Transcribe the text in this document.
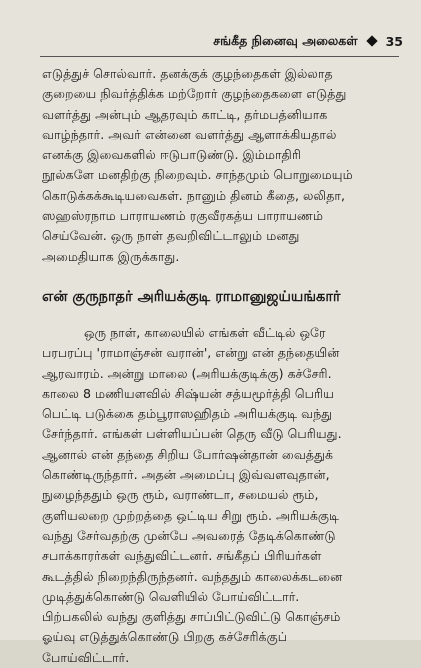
சங்கீத நினைவு அலைகள் 35

எடுத்துச் சொல்வார். தனக்குக் குழந்தைகள் இல்லாத
குறையை நிவர்த்திக்க மற்றோர் குழந்தைகளை எடுத்து
வளர்த்து அன்பும் ஆதரவும் காட்டி, தர்மபத்னியாக
வாழ்ந்தார். அவர் என்னை வளர்த்து ஆளாக்கியதால்
எனக்கு இவைகளில் ஈடுபாடுண்டு. இம்மாதிரி
நூல்களே மனதிற்கு நிறைவும். சாந்தமும் பொறுமையும்
கொடுக்கக்கூடியவைகள். நானும் தினம் கீதை, லலிதா,
ஸஹஸ்ரநாம பாராயணம் ரகுவீரகத்ய பாராயணம்
செய்வேன். ஒரு நாள் தவறிவிட்டாலும் மனது
அமைதியாக இருக்காது.

என் குருநாதர் அரியக்குடி ராமானுஜய்யங்கார்

ஒரு நாள், காலையில் எங்கள் வீட்டில் ஒரே
பரபரப்பு 'ராமாஞ்சன் வரான்', என்று என் தந்தையின்
ஆரவாரம். அன்று மாலை (அரியக்குடிக்கு) கச்சேரி.
காலை 8 மணியளவில் சிஷ்யன் சத்யமூர்த்தி பெரிய
பெட்டி படுக்கை தம்பூராஸஹிதம் அரியக்குடி வந்து
சேர்ந்தார். எங்கள் பள்ளியப்பன் தெரு வீடு பெரியது.
ஆனால் என் தந்தை சிறிய போர்ஷன்தான் வைத்துக்
கொண்டிருந்தார். அதன் அமைப்பு இவ்வளவுதான்,
நுழைந்ததும் ஒரு ரூம், வராண்டா, சமையல் ரூம்,
குளியலறை முற்றத்தை ஒட்டிய சிறு ரூம். அரியக்குடி
வந்து சேர்வதற்கு முன்பே அவரைத் தேடிக்கொண்டு
சபாக்காரர்கள் வந்துவிட்டனர். சங்கீதப் பிரியர்கள்
கூடத்தில் நிறைந்திருந்தனர். வந்ததும் காலைக்கடனை
முடித்துக்கொண்டு வெளியில் போய்விட்டார்.
பிற்பகலில் வந்து குளித்து சாப்பிட்டுவிட்டு கொஞ்சம்
ஓய்வு எடுத்துக்கொண்டு பிறகு கச்சேரிக்குப்
போய்விட்டார்.
